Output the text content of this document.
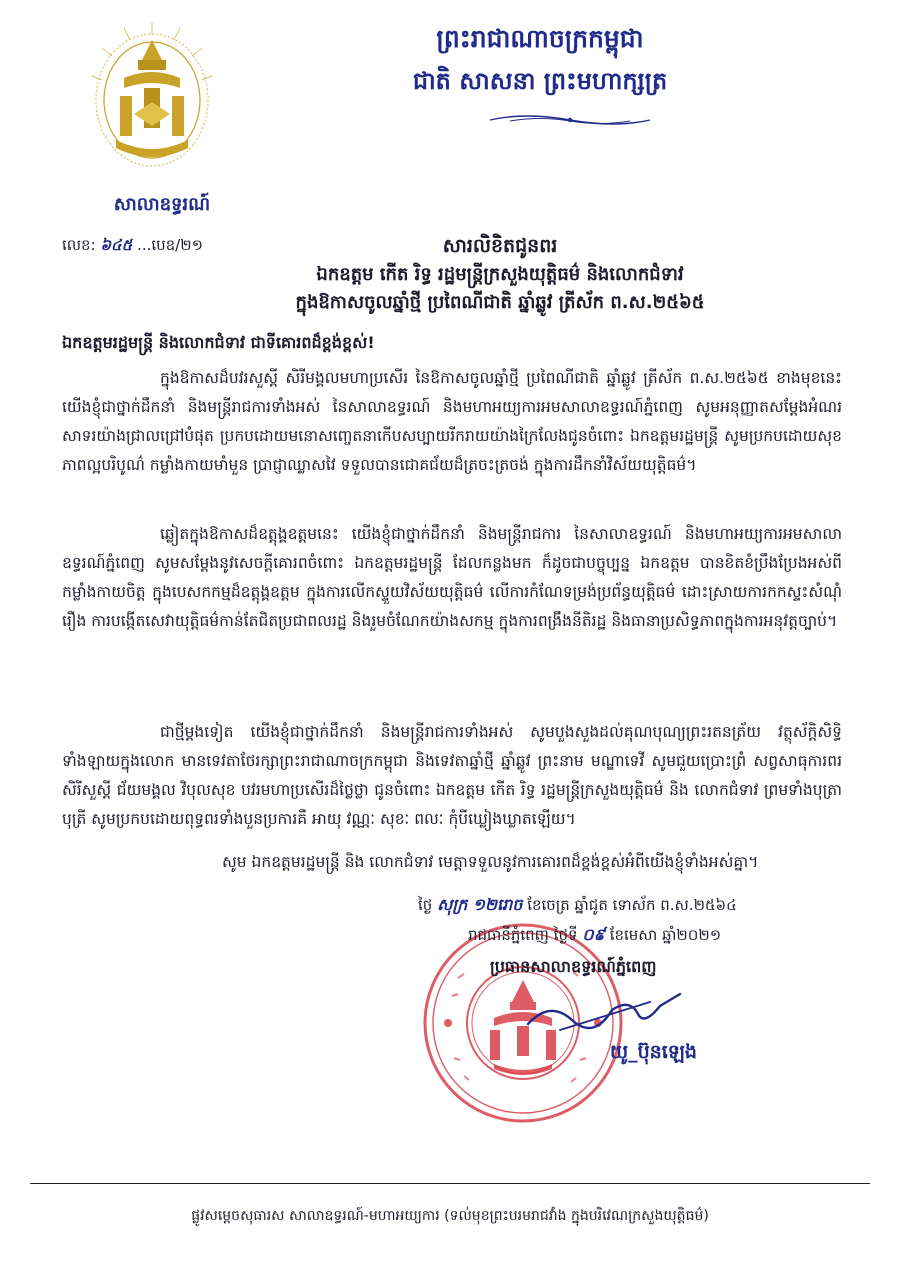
ព្រះរាជាណាចក្រកម្ពុជា
ជាតិ សាសនា ព្រះមហាក្សត្រ
សាលាឧទ្ធរណ៍
លេខ: ៦៤៥ ...បេឧ/២១	សារលិខិតជូនពរ
ឯកឧត្តម កើត រិទ្ធ រដ្ឋមន្ត្រីក្រសួងយុត្តិធម៌ និងលោកជំទាវ
ក្នុងឱកាសចូលឆ្នាំថ្មី ប្រពៃណីជាតិ ឆ្នាំឆ្លូវ ត្រីស័ក ព.ស.២៥៦៥
ឯកឧត្តមរដ្ឋមន្ត្រី និងលោកជំទាវ ជាទីគោរពដ៏ខ្ពង់ខ្ពស់!
ក្នុងឱកាសដ៏បវរសួស្តី សិរីមង្គលមហាប្រសើរ នៃឱកាសចូលឆ្នាំថ្មី ប្រពៃណីជាតិ ឆ្នាំឆ្លូវ ត្រីស័ក ព.ស.២៥៦៥ ខាងមុខនេះ យើងខ្ញុំជាថ្នាក់ដឹកនាំ និងមន្ត្រីរាជការទាំងអស់ នៃសាលាឧទ្ធរណ៍ និងមហាអយ្យការអមសាលាឧទ្ធរណ៍ភ្នំពេញ សូមអនុញ្ញាតសម្តែងអំណរសាទរយ៉ាងជ្រាលជ្រៅបំផុត ប្រកបដោយមនោសញ្ចេតនាកើបសប្បាយរីករាយយ៉ាងក្រៃលែងជូនចំពោះ ឯកឧត្តមរដ្ឋមន្ត្រី សូមប្រកបដោយសុខភាពល្អបរិបូណ៌ កម្លាំងកាយមាំមួន ប្រាជ្ញាឈ្លាសវៃ ទទួលបានជោគជ័យដ៏ត្រចះត្រចង់ ក្នុងការដឹកនាំវិស័យយុត្តិធម៌។
ឆ្លៀតក្នុងឱកាសដ៏ឧត្តុង្គឧត្តមនេះ យើងខ្ញុំជាថ្នាក់ដឹកនាំ និងមន្ត្រីរាជការ នៃសាលាឧទ្ធរណ៍ និងមហាអយ្យការអមសាលាឧទ្ធរណ៍ភ្នំពេញ សូមសម្តែងនូវសេចក្តីគោរពចំពោះ ឯកឧត្តមរដ្ឋមន្ត្រី ដែលកន្លងមក ក៏ដូចជាបច្ចុប្បន្ន ឯកឧត្តម បានខិតខំប្រឹងប្រែងអស់ពីកម្លាំងកាយចិត្ត ក្នុងបេសកកម្មដ៏ឧត្តុង្គឧត្តម ក្នុងការលើកស្ទួយវិស័យយុត្តិធម៌ លើការកំណែទម្រង់ប្រព័ន្ធយុត្តិធម៌ ដោះស្រាយការកកស្ទះសំណុំរឿង ការបង្កើតសេវាយុត្តិធម៌កាន់តែជិតប្រជាពលរដ្ឋ និងរួមចំណែកយ៉ាងសកម្ម ក្នុងការពង្រឹងនីតិរដ្ឋ និងធានាប្រសិទ្ធភាពក្នុងការអនុវត្តច្បាប់។
ជាថ្មីម្តងទៀត យើងខ្ញុំជាថ្នាក់ដឹកនាំ និងមន្ត្រីរាជការទាំងអស់ សូមបួងសួងដល់គុណបុណ្យព្រះរតនត្រ័យ វត្ថុស័ក្តិសិទ្ធិទាំងឡាយក្នុងលោក មានទេវតាថែរក្សាព្រះរាជាណាចក្រកម្ពុជា និងទេវតាឆ្នាំថ្មី ឆ្នាំឆ្លូវ ព្រះនាម មណ្ឌាទេវី សូមជួយប្រោះព្រំ សព្វសាធុការពរ សិរីសួស្តី ជ័យមង្គល វិបុលសុខ បវរមហាប្រសើរដ៏ថ្លៃថ្លា ជូនចំពោះ ឯកឧត្តម កើត រិទ្ធ រដ្ឋមន្ត្រីក្រសួងយុត្តិធម៌ និង លោកជំទាវ ព្រមទាំងបុត្រា បុត្រី សូមប្រកបដោយពុទ្ធពរទាំងបួនប្រការគឺ អាយុ វណ្ណៈ សុខៈ ពលៈ កុំបីឃ្លៀងឃ្លាតឡើយ។
សូម ឯកឧត្តមរដ្ឋមន្ត្រី និង លោកជំទាវ មេត្តាទទួលនូវការគោរពដ៏ខ្ពង់ខ្ពស់អំពីយើងខ្ញុំទាំងអស់គ្នា។
ថ្ងៃ សុក្រ ១២រោច ខែចេត្រ ឆ្នាំជូត ទោស័ក ព.ស.២៥៦៤
រាជធានីភ្នំពេញ ថ្ងៃទី ០៩ ខែមេសា ឆ្នាំ២០២១
ប្រធានសាលាឧទ្ធរណ៍ភ្នំពេញ
យូ_ប៊ុនឡេង
ផ្លូវសម្តេចសុធារស សាលាឧទ្ធរណ៍-មហាអយ្យការ (ទល់មុខព្រះបរមរាជវាំង ក្នុងបរិវេណក្រសួងយុត្តិធម៌)
